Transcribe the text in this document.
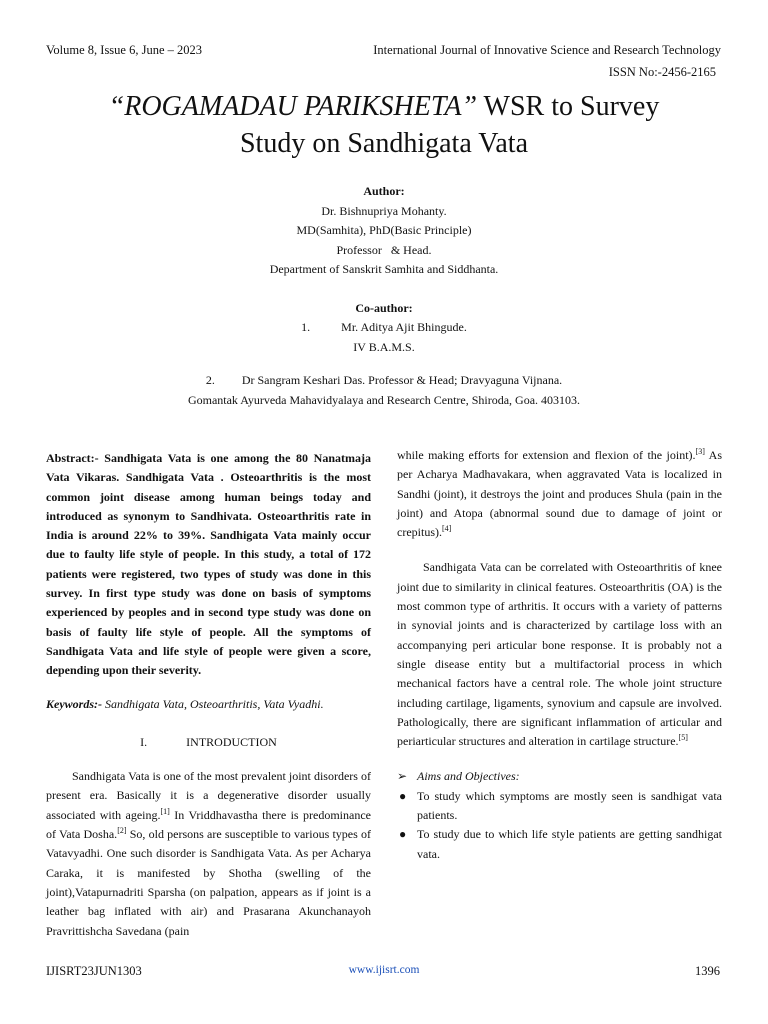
Volume 8, Issue 6, June – 2023	International Journal of Innovative Science and Research Technology
ISSN No:-2456-2165
“ROGAMADAU PARIKSHETA” WSR to Survey
Study on Sandhigata Vata
Author:
Dr. Bishnupriya Mohanty.
MD(Samhita), PhD(Basic Principle)
Professor   & Head.
Department of Sanskrit Samhita and Siddhanta.
Co-author:
1.	Mr. Aditya Ajit Bhingude.
IV B.A.M.S.
2. Dr Sangram Keshari Das. Professor & Head; Dravyaguna Vijnana.
Gomantak Ayurveda Mahavidyalaya and Research Centre, Shiroda, Goa. 403103.
Abstract:- Sandhigata Vata is one among the 80 Nanatmaja Vata Vikaras. Sandhigata Vata . Osteoarthritis is the most common joint disease among human beings today and introduced as synonym to Sandhivata. Osteoarthritis rate in India is around 22% to 39%. Sandhigata Vata mainly occur due to faulty life style of people. In this study, a total of 172 patients were registered, two types of study was done in this survey. In first type study was done on basis of symptoms experienced by peoples and in second type study was done on basis of faulty life style of people. All the symptoms of Sandhigata Vata and life style of people were given a score, depending upon their severity.
Keywords:- Sandhigata Vata, Osteoarthritis, Vata Vyadhi.
I.	INTRODUCTION
Sandhigata Vata is one of the most prevalent joint disorders of present era. Basically it is a degenerative disorder usually associated with ageing.[1] In Vriddhavastha there is predominance of Vata Dosha.[2] So, old persons are susceptible to various types of Vatavyadhi. One such disorder is Sandhigata Vata. As per Acharya Caraka, it is manifested by Shotha (swelling of the joint),Vatapurnadriti Sparsha (on palpation, appears as if joint is a leather bag inflated with air) and Prasarana Akunchanayoh Pravrittishcha Savedana (pain
while making efforts for extension and flexion of the joint).[3] As per Acharya Madhavakara, when aggravated Vata is localized in Sandhi (joint), it destroys the joint and produces Shula (pain in the joint) and Atopa (abnormal sound due to damage of joint or crepitus).[4]
Sandhigata Vata can be correlated with Osteoarthritis of knee joint due to similarity in clinical features. Osteoarthritis (OA) is the most common type of arthritis. It occurs with a variety of patterns in synovial joints and is characterized by cartilage loss with an accompanying peri articular bone response. It is probably not a single disease entity but a multifactorial process in which mechanical factors have a central role. The whole joint structure including cartilage, ligaments, synovium and capsule are involved. Pathologically, there are significant inflammation of articular and periarticular structures and alteration in cartilage structure.[5]
➢ Aims and Objectives:
● To study which symptoms are mostly seen is sandhigat vata patients.
● To study due to which life style patients are getting sandhigat vata.
IJISRT23JUN1303	www.ijisrt.com	1396
